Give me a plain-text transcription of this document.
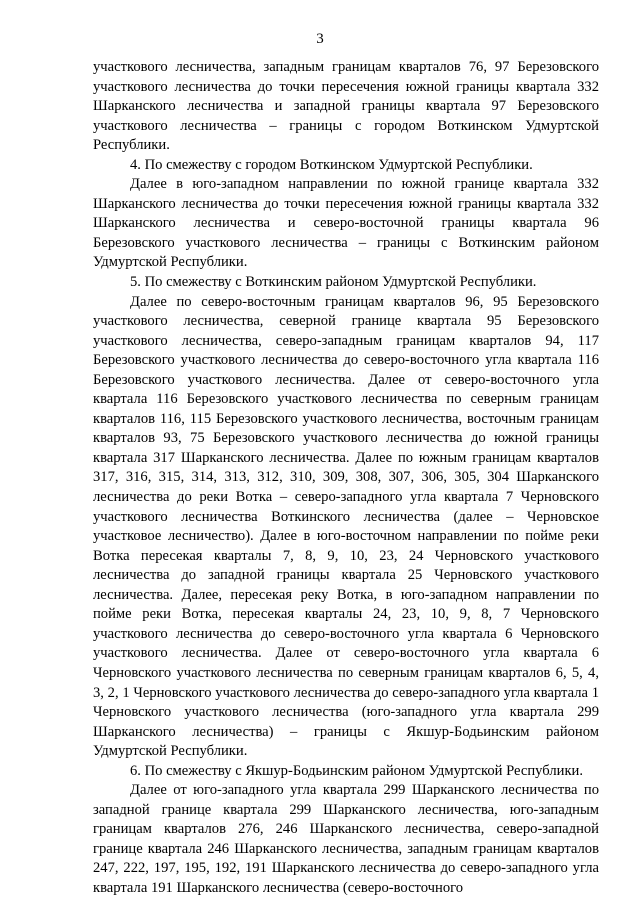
3

участкового лесничества, западным границам кварталов 76, 97 Березовского участкового лесничества до точки пересечения южной границы квартала 332 Шарканского лесничества и западной границы квартала 97 Березовского участкового лесничества – границы с городом Воткинском Удмуртской Республики.

4. По смежеству с городом Воткинском Удмуртской Республики.

Далее в юго-западном направлении по южной границе квартала 332 Шарканского лесничества до точки пересечения южной границы квартала 332 Шарканского лесничества и северо-восточной границы квартала 96 Березовского участкового лесничества – границы с Воткинским районом Удмуртской Республики.

5. По смежеству с Воткинским районом Удмуртской Республики.

Далее по северо-восточным границам кварталов 96, 95 Березовского участкового лесничества, северной границе квартала 95 Березовского участкового лесничества, северо-западным границам кварталов 94, 117 Березовского участкового лесничества до северо-восточного угла квартала 116 Березовского участкового лесничества. Далее от северо-восточного угла квартала 116 Березовского участкового лесничества по северным границам кварталов 116, 115 Березовского участкового лесничества, восточным границам кварталов 93, 75 Березовского участкового лесничества до южной границы квартала 317 Шарканского лесничества. Далее по южным границам кварталов 317, 316, 315, 314, 313, 312, 310, 309, 308, 307, 306, 305, 304 Шарканского лесничества до реки Вотка – северо-западного угла квартала 7 Черновского участкового лесничества Воткинского лесничества (далее – Черновское участковое лесничество). Далее в юго-восточном направлении по пойме реки Вотка пересекая кварталы 7, 8, 9, 10, 23, 24 Черновского участкового лесничества до западной границы квартала 25 Черновского участкового лесничества. Далее, пересекая реку Вотка, в юго-западном направлении по пойме реки Вотка, пересекая кварталы 24, 23, 10, 9, 8, 7 Черновского участкового лесничества до северо-восточного угла квартала 6 Черновского участкового лесничества. Далее от северо-восточного угла квартала 6 Черновского участкового лесничества по северным границам кварталов 6, 5, 4, 3, 2, 1 Черновского участкового лесничества до северо-западного угла квартала 1 Черновского участкового лесничества (юго-западного угла квартала 299 Шарканского лесничества) – границы с Якшур-Бодьинским районом Удмуртской Республики.

6. По смежеству с Якшур-Бодьинским районом Удмуртской Республики.

Далее от юго-западного угла квартала 299 Шарканского лесничества по западной границе квартала 299 Шарканского лесничества, юго-западным границам кварталов 276, 246 Шарканского лесничества, северо-западной границе квартала 246 Шарканского лесничества, западным границам кварталов 247, 222, 197, 195, 192, 191 Шарканского лесничества до северо-западного угла квартала 191 Шарканского лесничества (северо-восточного
